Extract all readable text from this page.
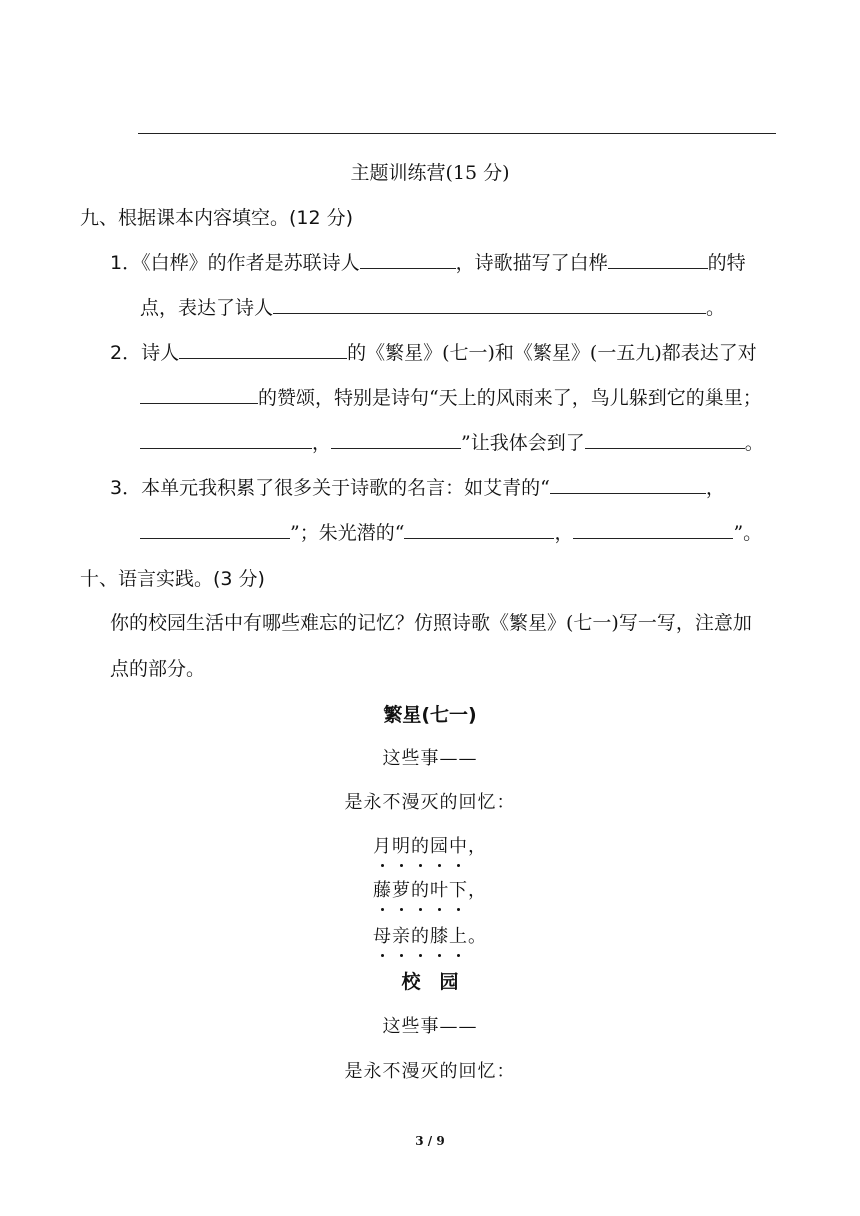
主题训练营(15 分)
九、根据课本内容填空。(12 分)
1．《白桦》的作者是苏联诗人	，诗歌描写了白桦	的特
点，表达了诗人	。
2．诗人	的《繁星》(七一)和《繁星》(一五九)都表达了对
的赞颂，特别是诗句“天上的风雨来了，鸟儿躲到它的巢里；
，	”让我体会到了	。
3．本单元我积累了很多关于诗歌的名言：如艾青的“	，
”；朱光潜的“	，	”。
十、语言实践。(3 分)
你的校园生活中有哪些难忘的记忆？仿照诗歌《繁星》(七一)写一写，注意加
点的部分。
繁星(七一)
这些事——
是永不漫灭的回忆：
月明的园中，
藤萝的叶下，
母亲的膝上。
校　园
这些事——
是永不漫灭的回忆：
3 / 9
